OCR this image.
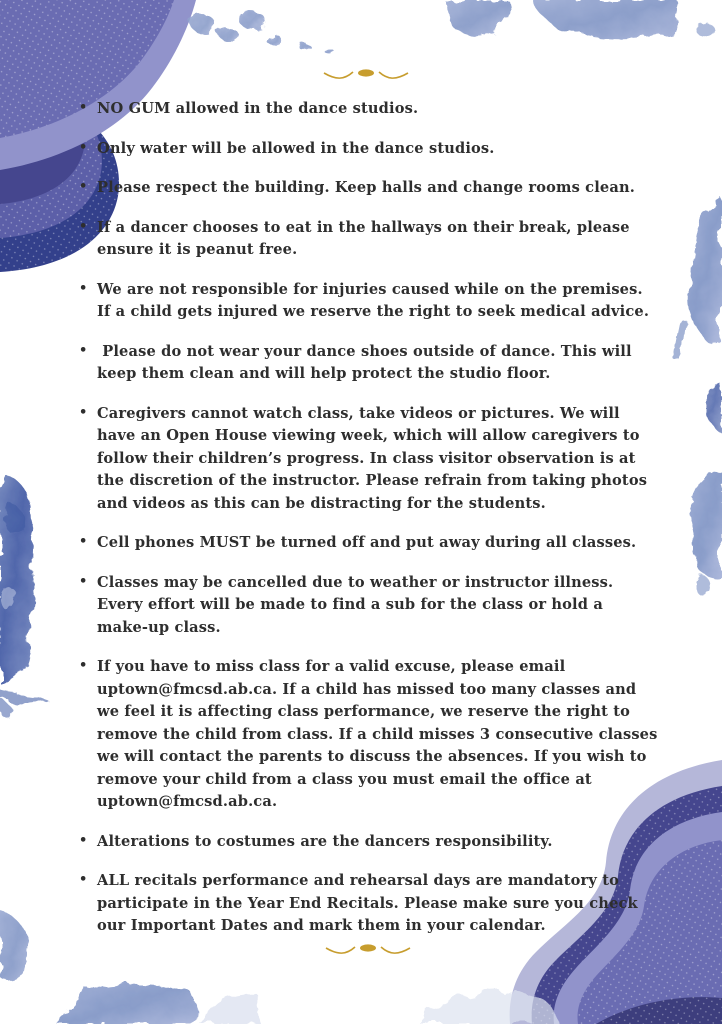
• NO GUM allowed in the dance studios.
• Only water will be allowed in the dance studios.
• Please respect the building. Keep halls and change rooms clean.
• If a dancer chooses to eat in the hallways on their break, please ensure it is peanut free.
• We are not responsible for injuries caused while on the premises. If a child gets injured we reserve the right to seek medical advice.
• Please do not wear your dance shoes outside of dance. This will keep them clean and will help protect the studio floor.
• Caregivers cannot watch class, take videos or pictures. We will have an Open House viewing week, which will allow caregivers to follow their children’s progress. In class visitor observation is at the discretion of the instructor. Please refrain from taking photos and videos as this can be distracting for the students.
• Cell phones MUST be turned off and put away during all classes.
• Classes may be cancelled due to weather or instructor illness. Every effort will be made to find a sub for the class or hold a make-up class.
• If you have to miss class for a valid excuse, please email uptown@fmcsd.ab.ca. If a child has missed too many classes and we feel it is affecting class performance, we reserve the right to remove the child from class. If a child misses 3 consecutive classes we will contact the parents to discuss the absences. If you wish to remove your child from a class you must email the office at uptown@fmcsd.ab.ca.
• Alterations to costumes are the dancers responsibility.
• ALL recitals performance and rehearsal days are mandatory to participate in the Year End Recitals. Please make sure you check our Important Dates and mark them in your calendar.
